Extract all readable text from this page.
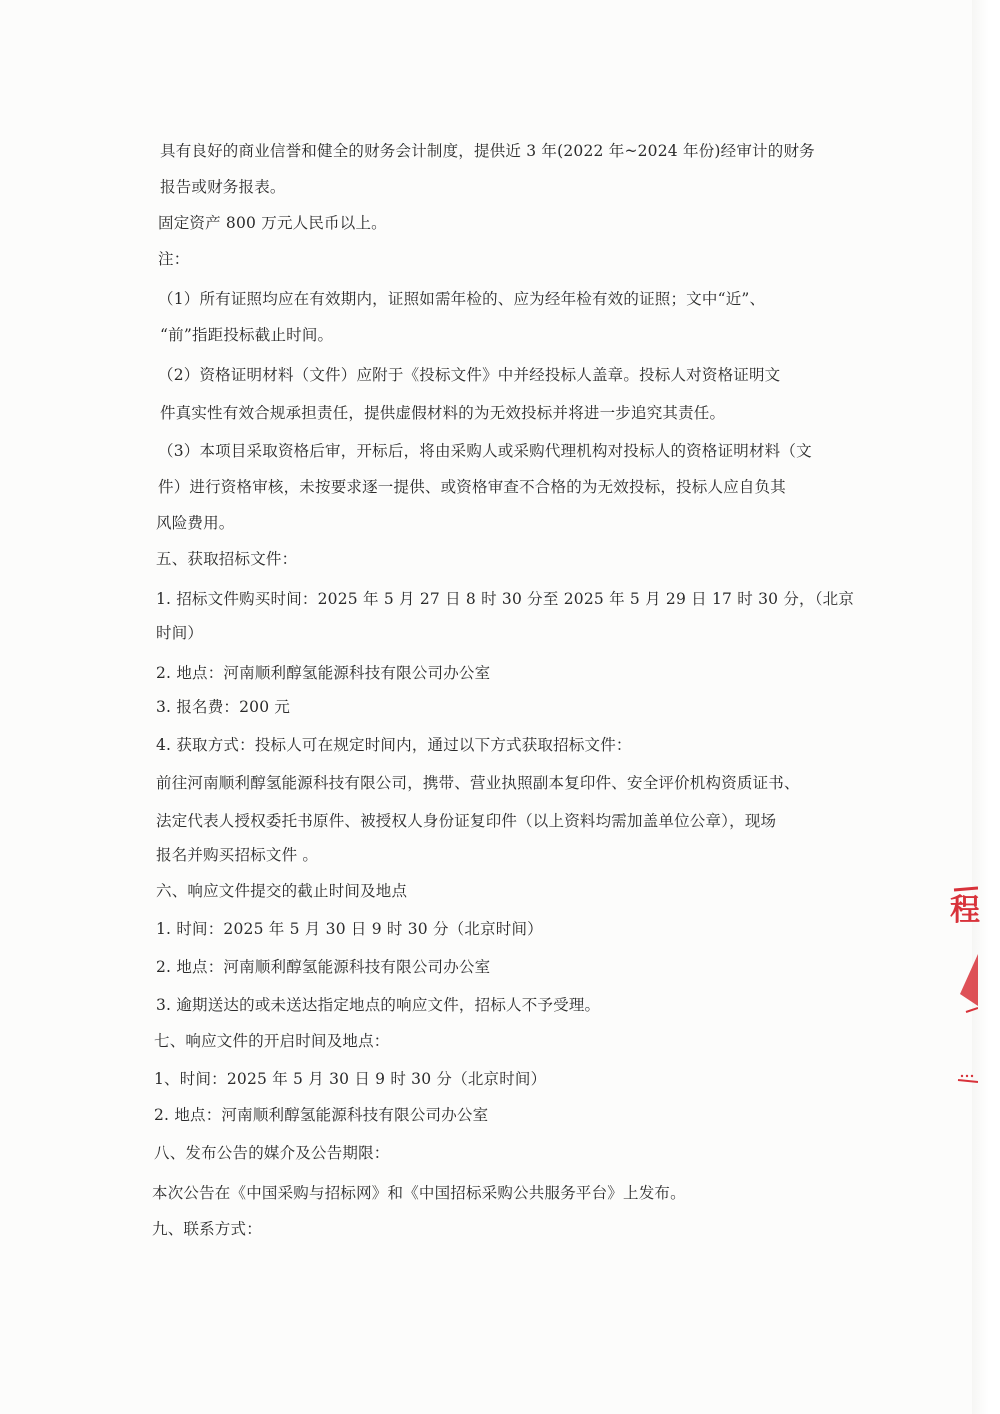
具有良好的商业信誉和健全的财务会计制度，提供近 3 年(2022 年~2024 年份)经审计的财务
报告或财务报表。
固定资产 800 万元人民币以上。
注：
（1）所有证照均应在有效期内，证照如需年检的、应为经年检有效的证照；文中“近”、
“前”指距投标截止时间。
（2）资格证明材料（文件）应附于《投标文件》中并经投标人盖章。投标人对资格证明文
件真实性有效合规承担责任，提供虚假材料的为无效投标并将进一步追究其责任。
（3）本项目采取资格后审，开标后，将由采购人或采购代理机构对投标人的资格证明材料（文
件）进行资格审核，未按要求逐一提供、或资格审查不合格的为无效投标，投标人应自负其
风险费用。
五、获取招标文件：
1. 招标文件购买时间：2025 年 5 月 27 日 8 时 30 分至 2025 年 5 月 29 日 17 时 30 分，（北京
时间）
2. 地点：河南顺利醇氢能源科技有限公司办公室
3. 报名费：200 元
4. 获取方式：投标人可在规定时间内，通过以下方式获取招标文件：
前往河南顺利醇氢能源科技有限公司，携带、营业执照副本复印件、安全评价机构资质证书、
法定代表人授权委托书原件、被授权人身份证复印件（以上资料均需加盖单位公章），现场
报名并购买招标文件 。
六、响应文件提交的截止时间及地点
1. 时间：2025 年 5 月 30 日 9 时 30 分（北京时间）
2. 地点：河南顺利醇氢能源科技有限公司办公室
3. 逾期送达的或未送达指定地点的响应文件，招标人不予受理。
七、响应文件的开启时间及地点：
1、时间：2025 年 5 月 30 日 9 时 30 分（北京时间）
2. 地点：河南顺利醇氢能源科技有限公司办公室
八、发布公告的媒介及公告期限：
本次公告在《中国采购与招标网》和《中国招标采购公共服务平台》上发布。
九、联系方式：
程
